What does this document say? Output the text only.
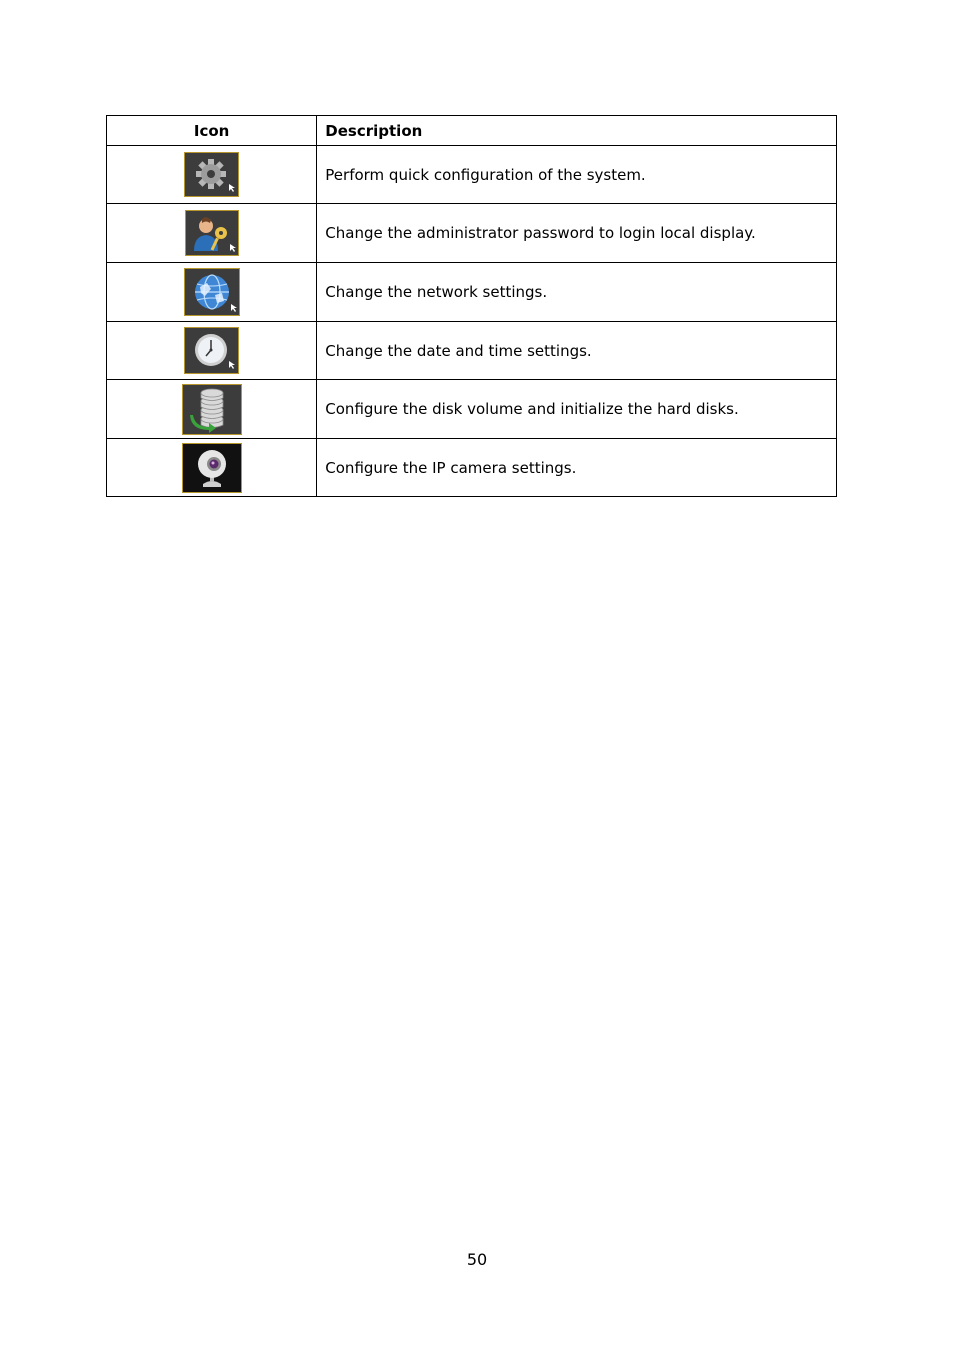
Icon	Description

	Perform quick configuration of the system.

	Change the administrator password to login local display.

	Change the network settings.

	Change the date and time settings.

	Configure the disk volume and initialize the hard disks.

	Configure the IP camera settings.
50
